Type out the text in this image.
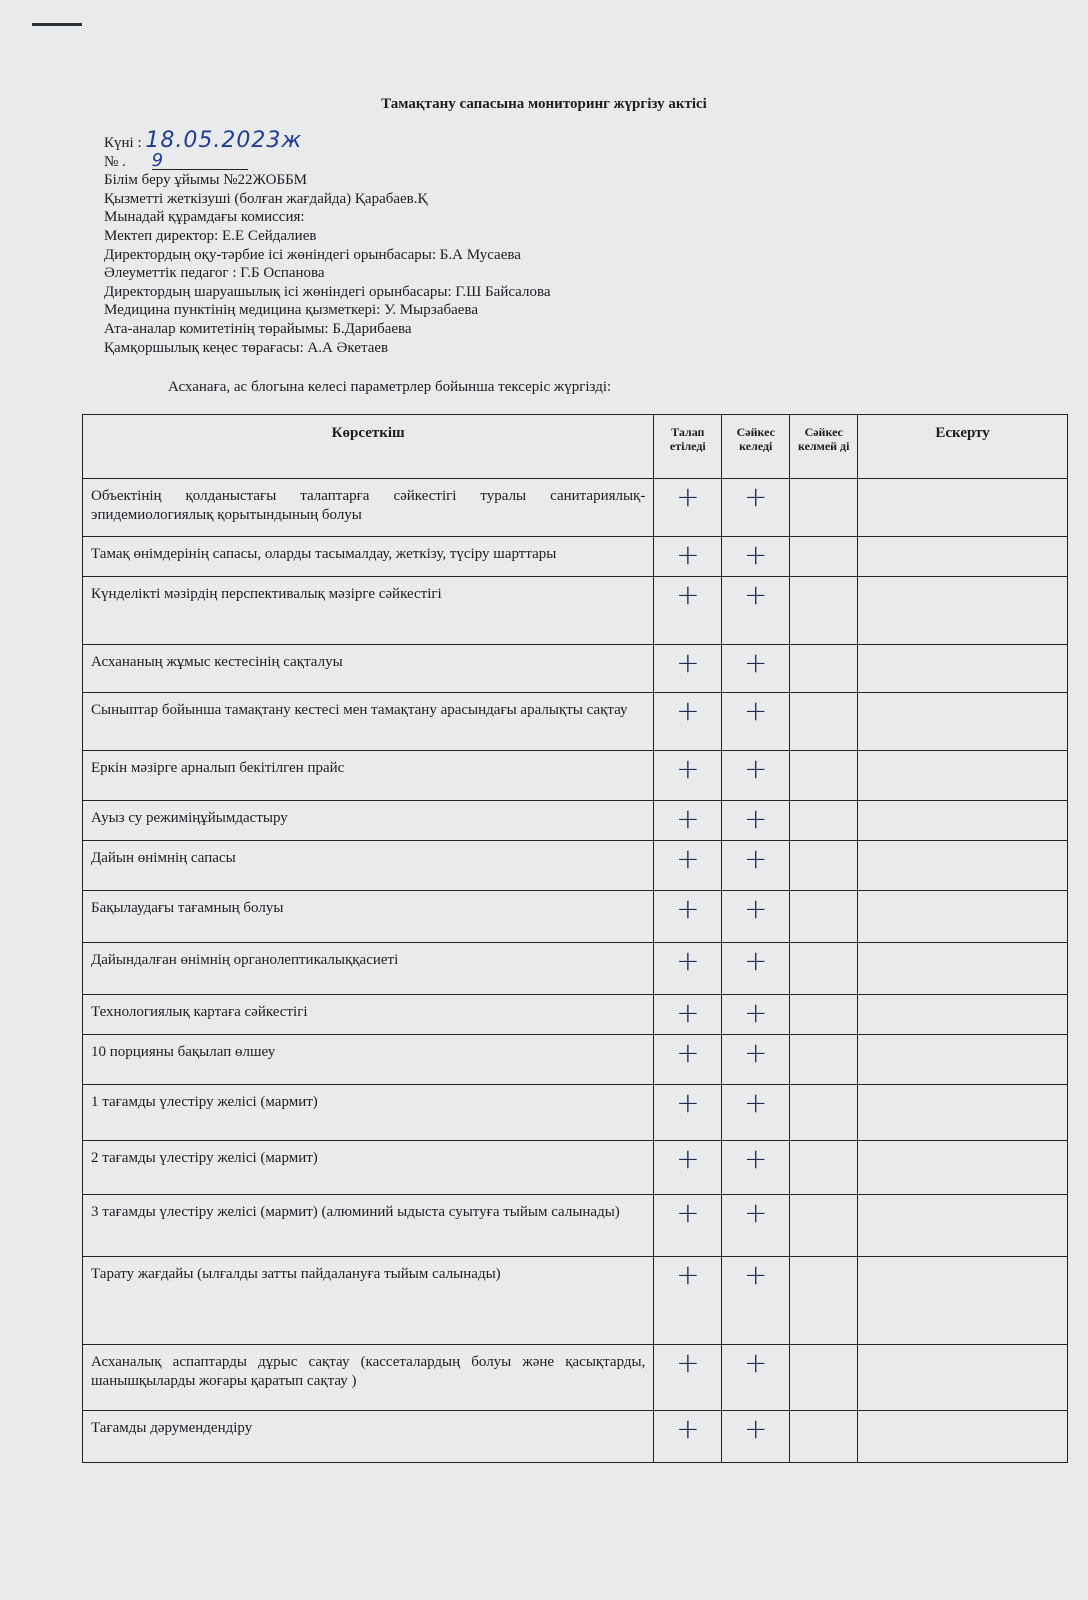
Тамақтану сапасына мониторинг жүргізу актісі
Күні : 18.05.2023ж
№ . 9
Білім беру ұйымы №22ЖОББМ
Қызметті жеткізуші (болған жағдайда) Қарабаев.Қ
Мынадай құрамдағы комиссия:
Мектеп директор: Е.Е Сейдалиев
Директордың оқу-тәрбие ісі жөніндегі орынбасары: Б.А Мусаева
Әлеуметтік педагог : Г.Б Оспанова
Директордың шаруашылық ісі жөніндегі орынбасары: Г.Ш Байсалова
Медицина пунктінің медицина қызметкері: У. Мырзабаева
Ата-аналар комитетінің төрайымы: Б.Дарибаева
Қамқоршылық кеңес төрағасы: А.А Әкетаев
Асханаға, ас блогына келесі параметрлер бойынша тексеріс жүргізді:
Көрсеткіш	Талап етіледі	Сәйкес келеді	Сәйкес келмей ді	Ескерту
Объектінің қолданыстағы талаптарға сәйкестігі туралы санитариялық-эпидемиологиялық қорытындының болуы	+	+		
Тамақ өнімдерінің сапасы, оларды тасымалдау, жеткізу, түсіру шарттары	+	+		
Күнделікті мәзірдің перспективалық мәзірге сәйкестігі	+	+		
Асхананың жұмыс кестесінің сақталуы	+	+		
Сыныптар бойынша тамақтану кестесі мен тамақтану арасындағы аралықты сақтау	+	+		
Еркін мәзірге арналып бекітілген прайс	+	+		
Ауыз су режиміңұйымдастыру	+	+		
Дайын өнімнің сапасы	+	+		
Бақылаудағы тағамның болуы	+	+		
Дайындалған өнімнің органолептикалыққасиеті	+	+		
Технологиялық картаға сәйкестігі	+	+		
10 порцияны бақылап өлшеу	+	+		
1 тағамды үлестіру желісі (мармит)	+	+		
2 тағамды үлестіру желісі (мармит)	+	+		
3 тағамды үлестіру желісі (мармит) (алюминий ыдыста суытуға тыйым салынады)	+	+		
Тарату жағдайы (ылғалды затты пайдалануға тыйым салынады)	+	+		
Асханалық аспаптарды дұрыс сақтау (кассеталардың болуы және қасықтарды, шанышқыларды жоғары қаратып сақтау )	+	+		
Тағамды дәрумендендіру	+	+		
